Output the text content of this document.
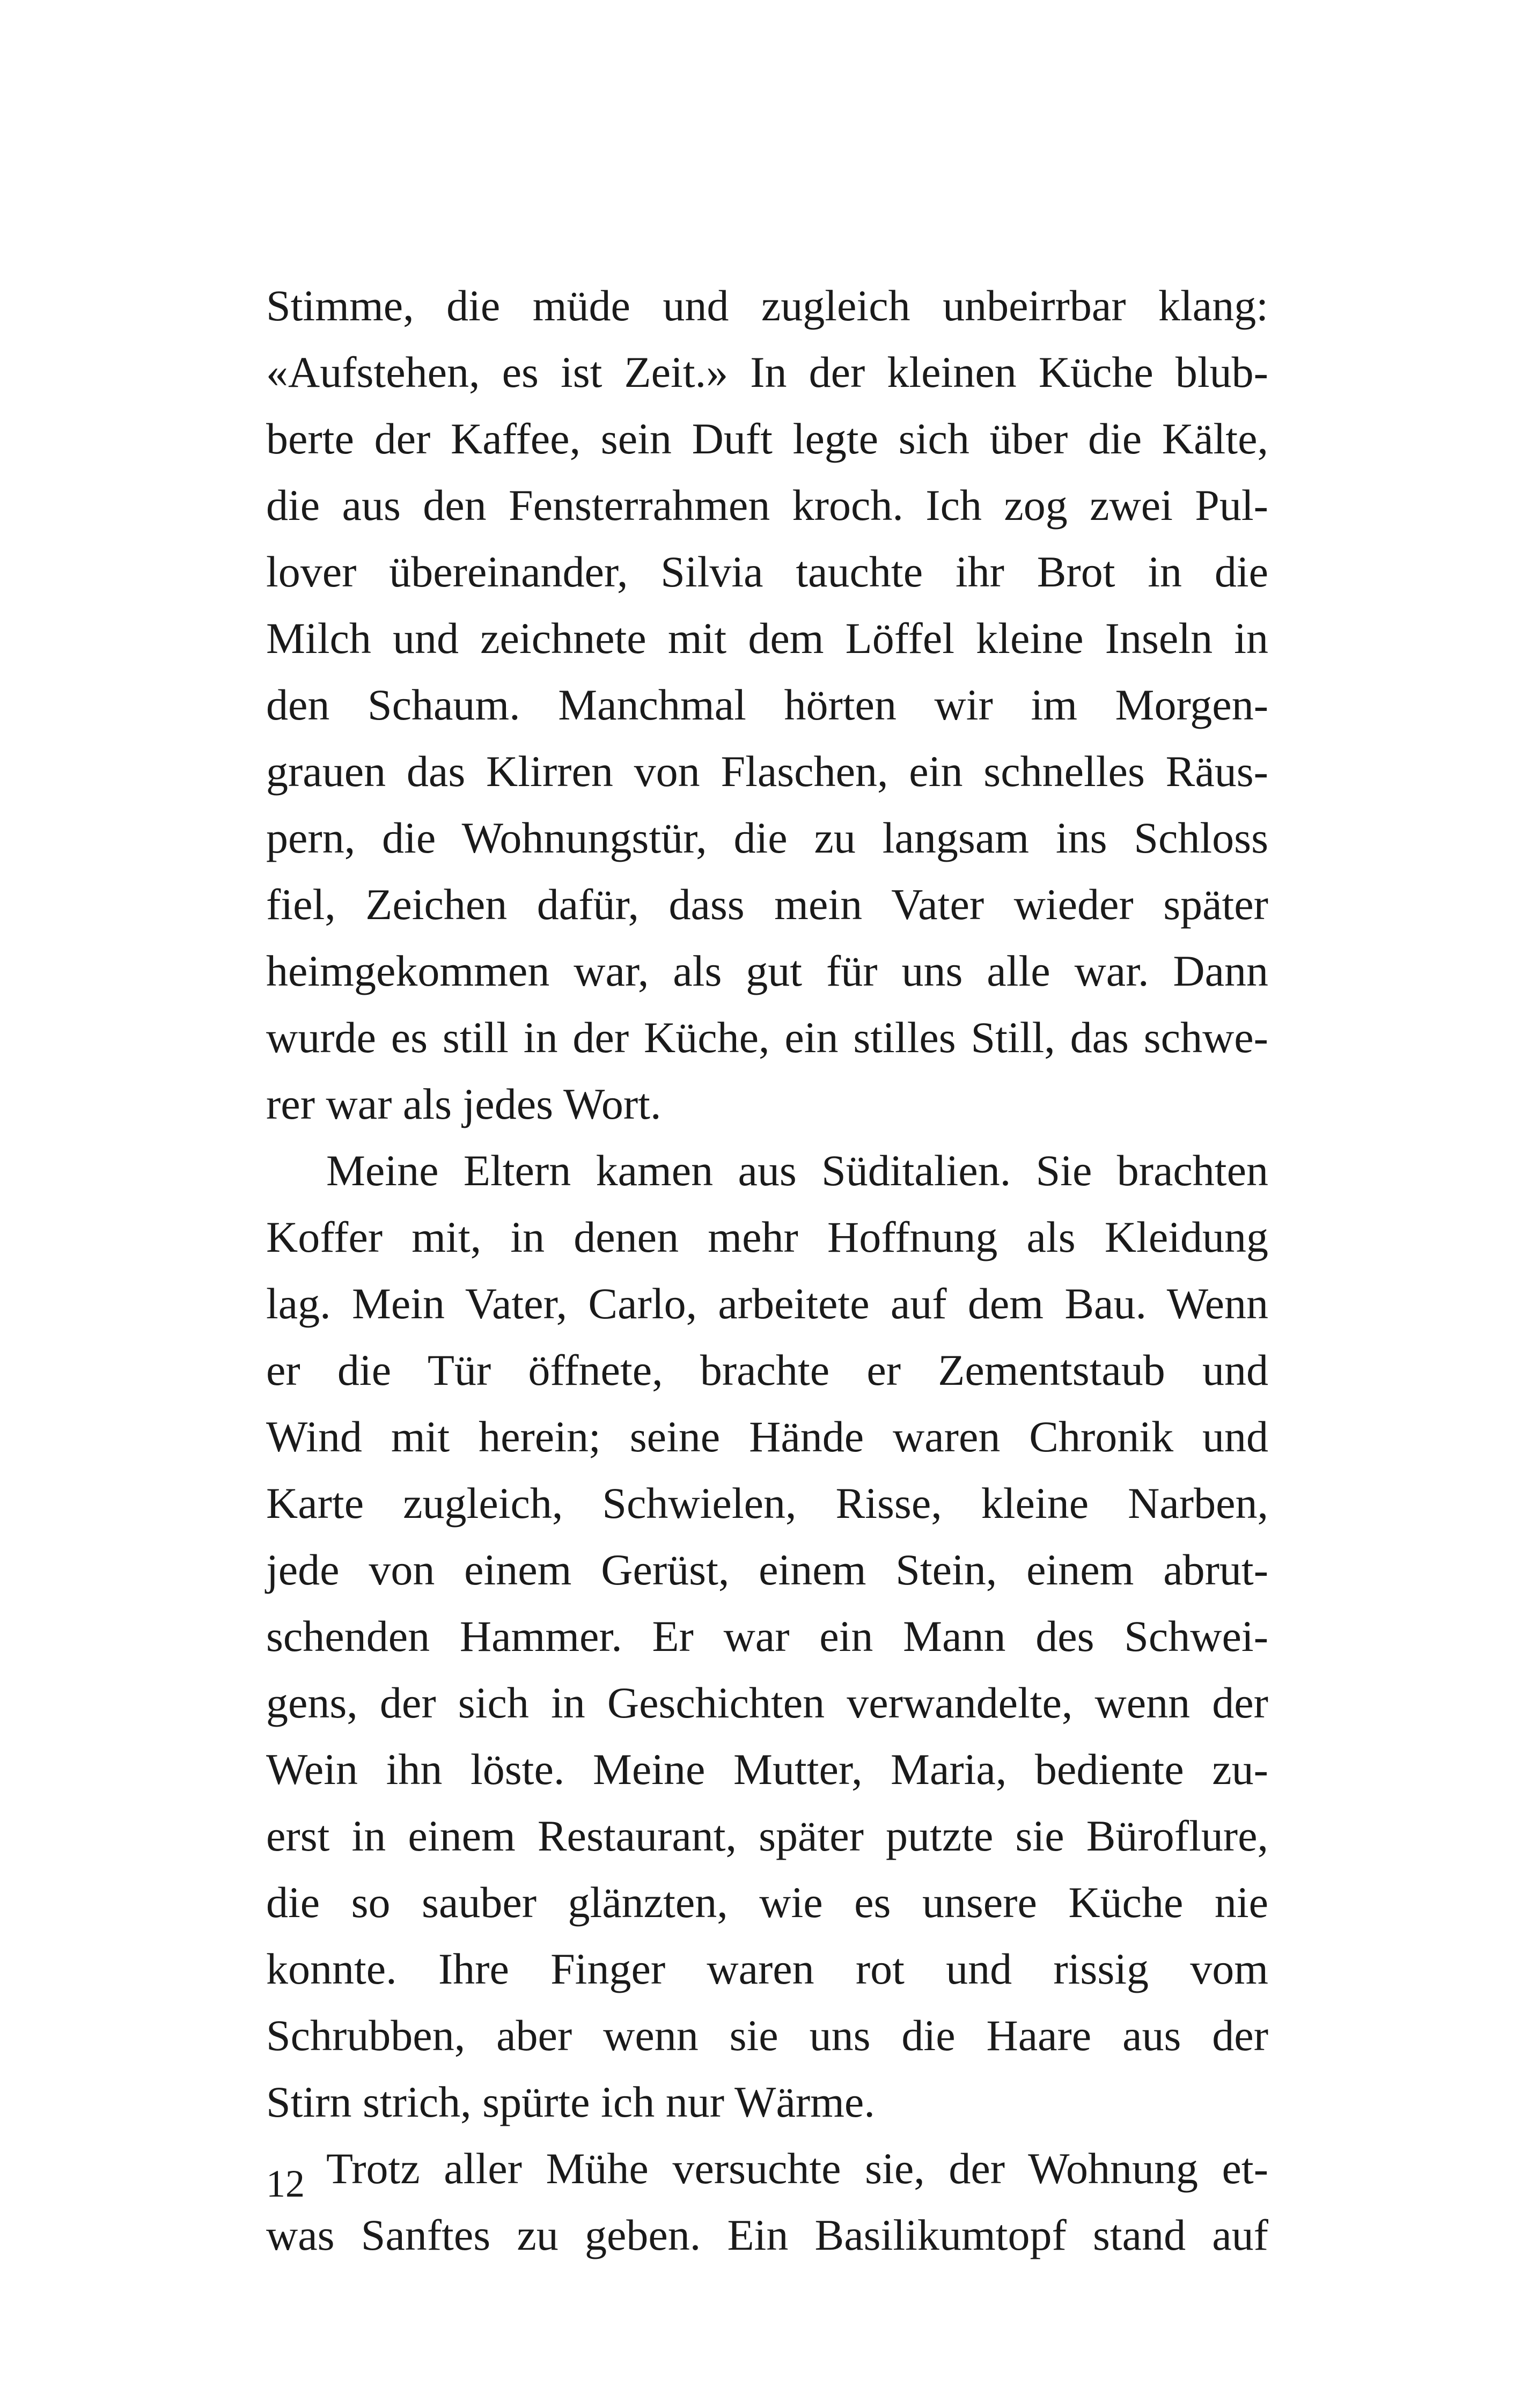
Stimme, die müde und zugleich unbeirrbar klang:
«Aufstehen, es ist Zeit.» In der kleinen Küche blub-
berte der Kaffee, sein Duft legte sich über die Kälte,
die aus den Fensterrahmen kroch. Ich zog zwei Pul-
lover übereinander, Silvia tauchte ihr Brot in die
Milch und zeichnete mit dem Löffel kleine Inseln in
den Schaum. Manchmal hörten wir im Morgen-
grauen das Klirren von Flaschen, ein schnelles Räus-
pern, die Wohnungstür, die zu langsam ins Schloss
fiel, Zeichen dafür, dass mein Vater wieder später
heimgekommen war, als gut für uns alle war. Dann
wurde es still in der Küche, ein stilles Still, das schwe-
rer war als jedes Wort.
Meine Eltern kamen aus Süditalien. Sie brachten
Koffer mit, in denen mehr Hoffnung als Kleidung
lag. Mein Vater, Carlo, arbeitete auf dem Bau. Wenn
er die Tür öffnete, brachte er Zementstaub und
Wind mit herein; seine Hände waren Chronik und
Karte zugleich, Schwielen, Risse, kleine Narben,
jede von einem Gerüst, einem Stein, einem abrut-
schenden Hammer. Er war ein Mann des Schwei-
gens, der sich in Geschichten verwandelte, wenn der
Wein ihn löste. Meine Mutter, Maria, bediente zu-
erst in einem Restaurant, später putzte sie Büroflure,
die so sauber glänzten, wie es unsere Küche nie
konnte. Ihre Finger waren rot und rissig vom
Schrubben, aber wenn sie uns die Haare aus der
Stirn strich, spürte ich nur Wärme.
Trotz aller Mühe versuchte sie, der Wohnung et-
was Sanftes zu geben. Ein Basilikumtopf stand auf
12
